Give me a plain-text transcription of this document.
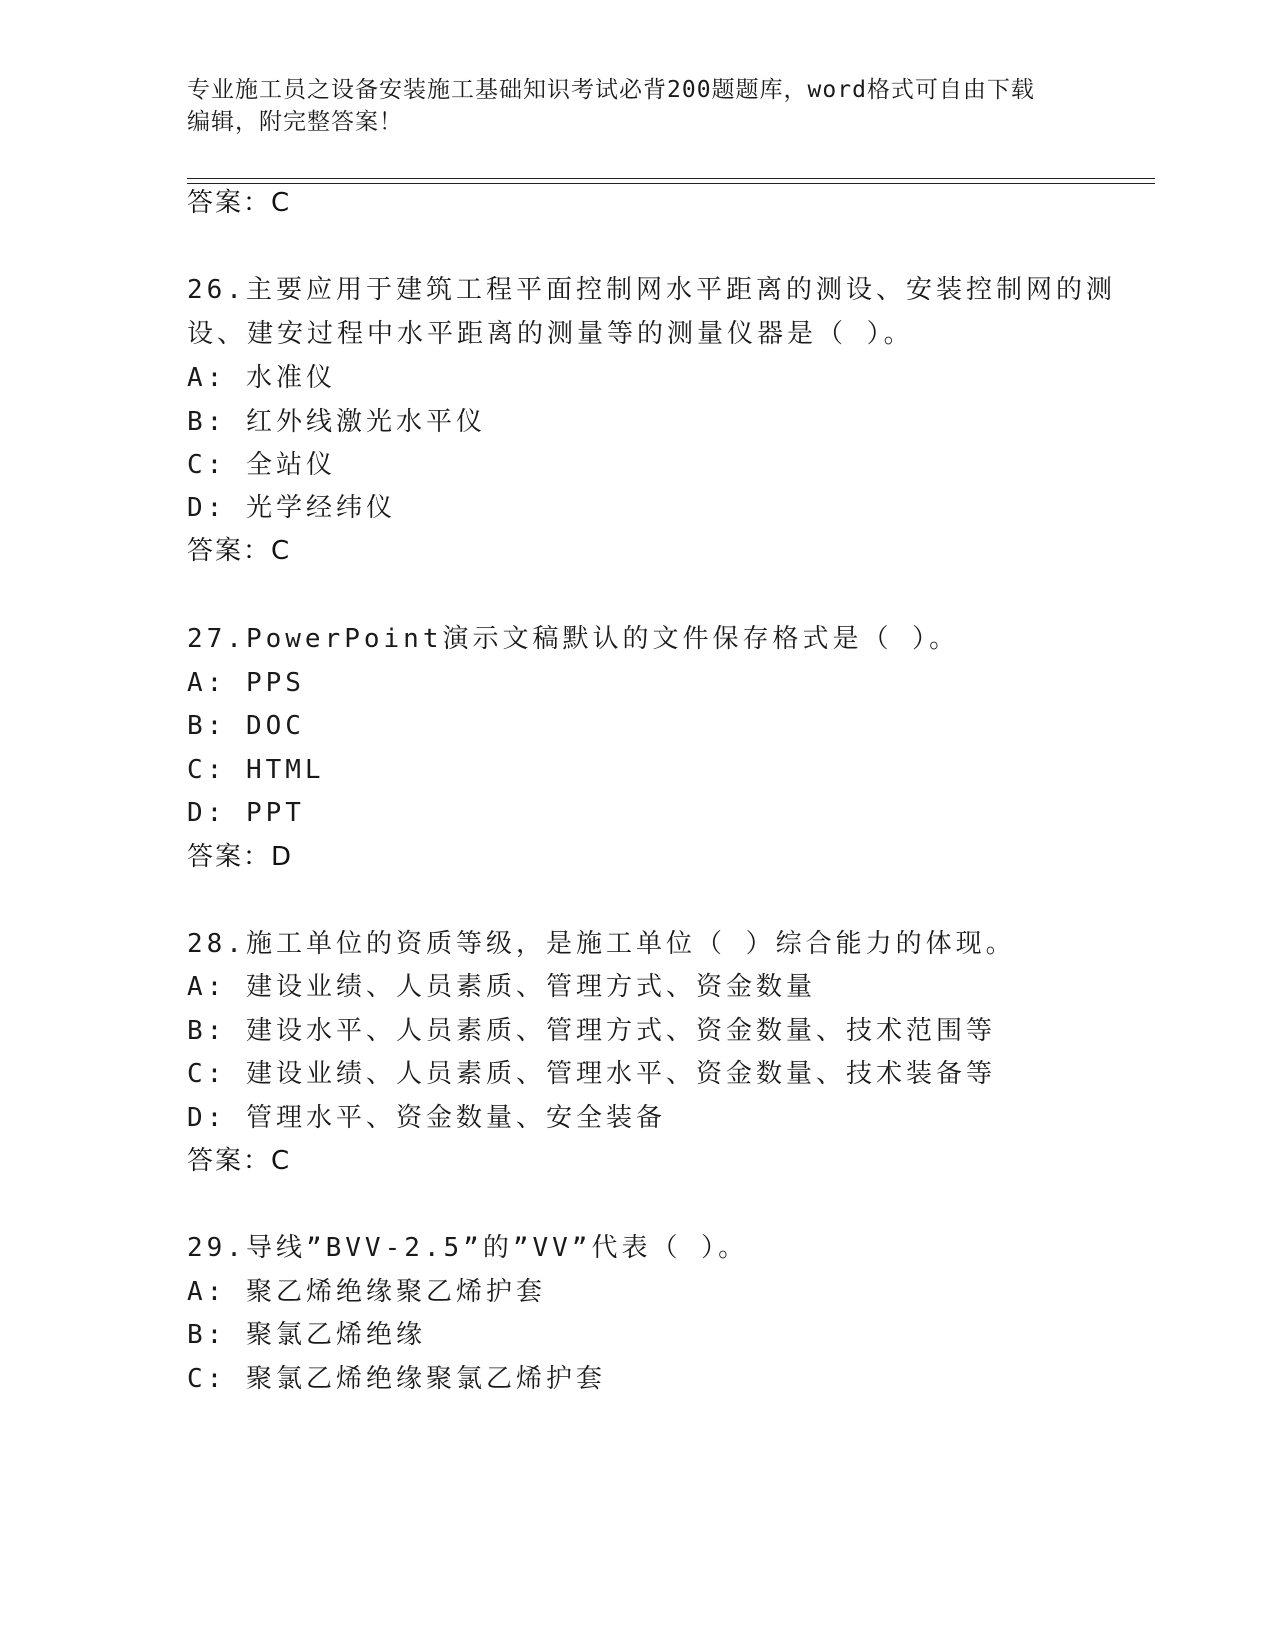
专业施工员之设备安装施工基础知识考试必背200题题库，word格式可自由下载
编辑，附完整答案！
答案：C
26.主要应用于建筑工程平面控制网水平距离的测设、安装控制网的测
设、建安过程中水平距离的测量等的测量仪器是（ ）。
A: 水准仪
B: 红外线激光水平仪
C: 全站仪
D: 光学经纬仪
答案：C
27.PowerPoint演示文稿默认的文件保存格式是（ ）。
A: PPS
B: DOC
C: HTML
D: PPT
答案：D
28.施工单位的资质等级，是施工单位（ ）综合能力的体现。
A: 建设业绩、人员素质、管理方式、资金数量
B: 建设水平、人员素质、管理方式、资金数量、技术范围等
C: 建设业绩、人员素质、管理水平、资金数量、技术装备等
D: 管理水平、资金数量、安全装备
答案：C
29.导线”BVV-2.5”的”VV”代表（ ）。
A: 聚乙烯绝缘聚乙烯护套
B: 聚氯乙烯绝缘
C: 聚氯乙烯绝缘聚氯乙烯护套
